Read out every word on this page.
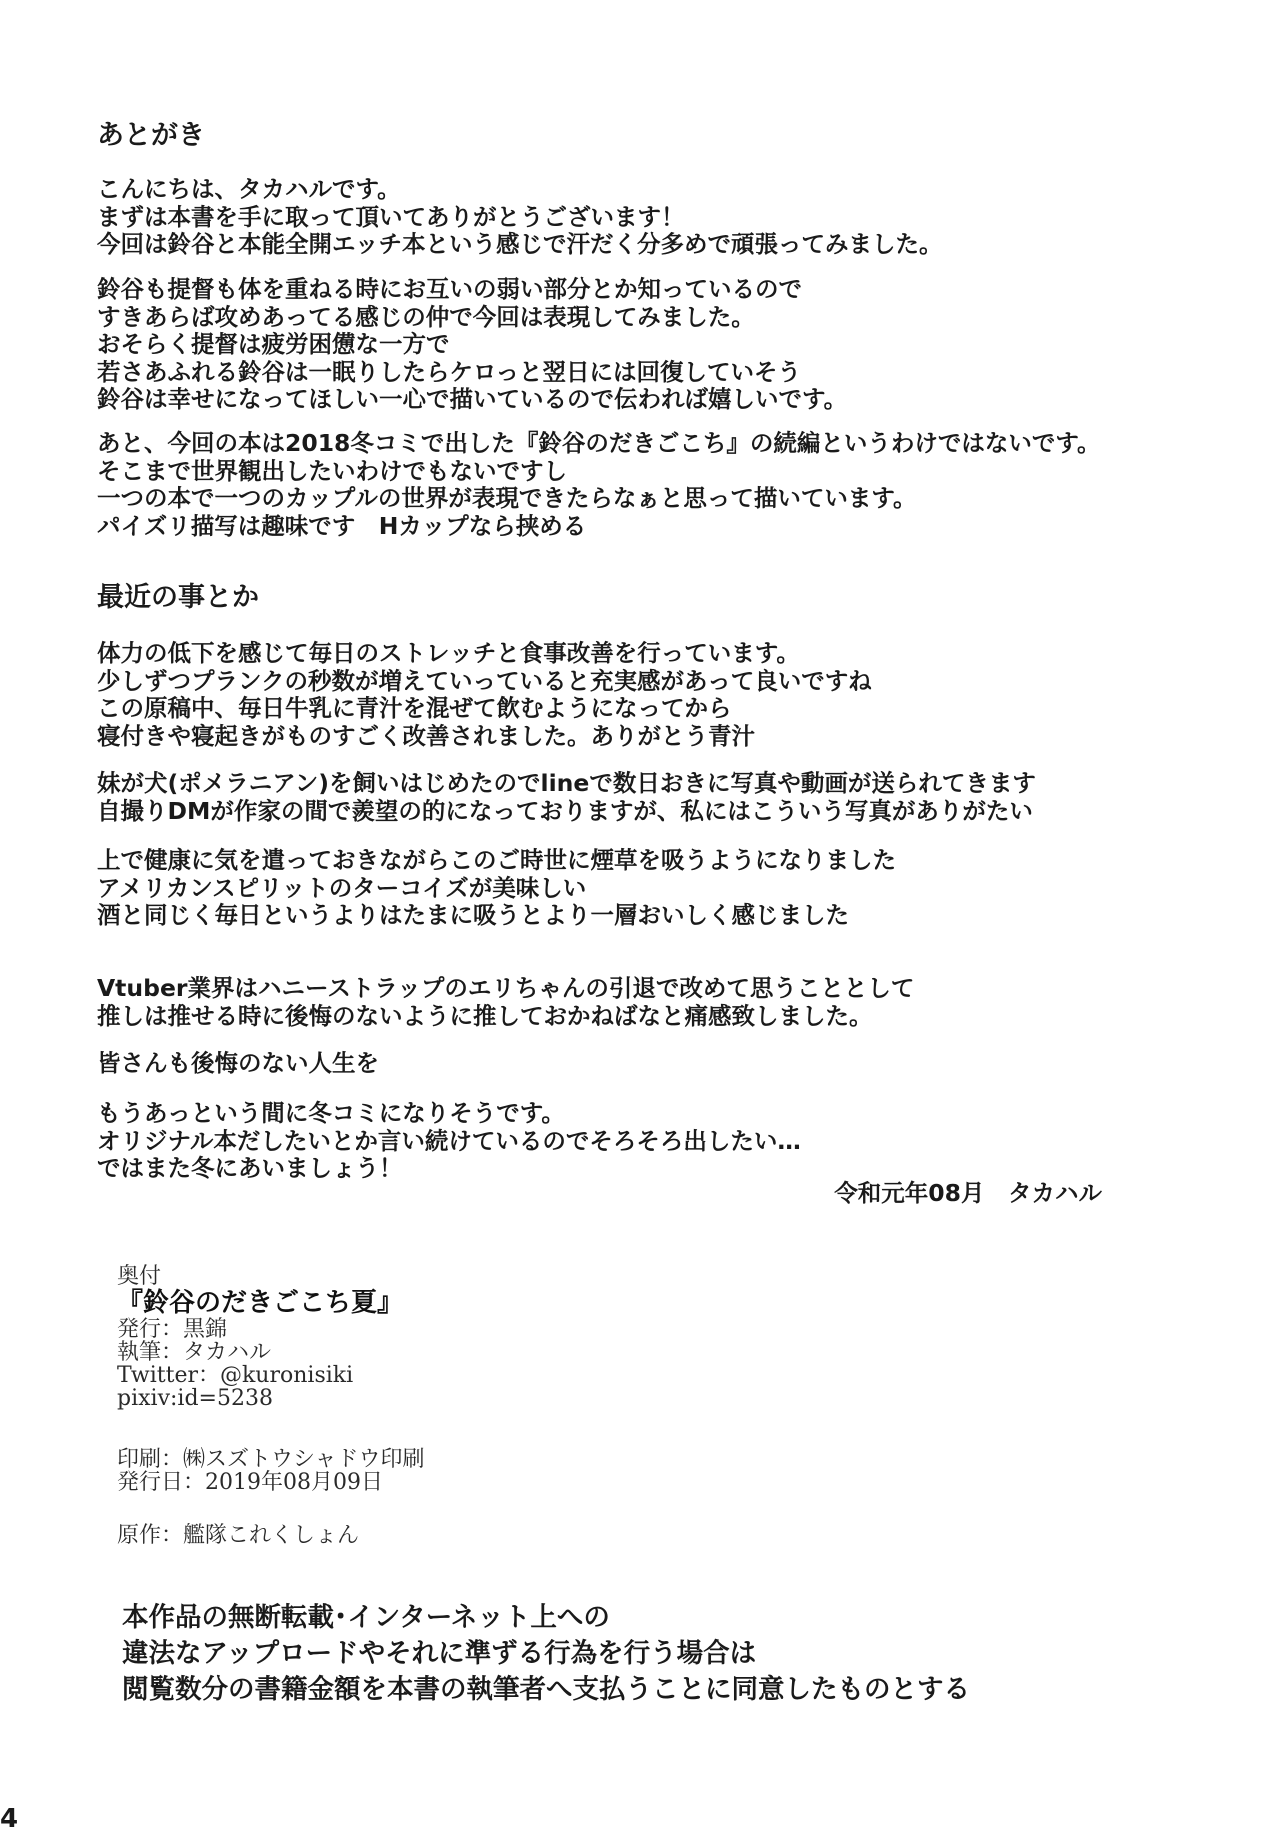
あとがき
こんにちは、タカハルです。
まずは本書を手に取って頂いてありがとうございます！
今回は鈴谷と本能全開エッチ本という感じで汗だく分多めで頑張ってみました。
鈴谷も提督も体を重ねる時にお互いの弱い部分とか知っているので
すきあらば攻めあってる感じの仲で今回は表現してみました。
おそらく提督は疲労困憊な一方で
若さあふれる鈴谷は一眠りしたらケロっと翌日には回復していそう
鈴谷は幸せになってほしい一心で描いているので伝われば嬉しいです。
あと、今回の本は2018冬コミで出した『鈴谷のだきごこち』の続編というわけではないです。
そこまで世界観出したいわけでもないですし
一つの本で一つのカップルの世界が表現できたらなぁと思って描いています。
パイズリ描写は趣味です　Hカップなら挟める
最近の事とか
体力の低下を感じて毎日のストレッチと食事改善を行っています。
少しずつプランクの秒数が増えていっていると充実感があって良いですね
この原稿中、毎日牛乳に青汁を混ぜて飲むようになってから
寝付きや寝起きがものすごく改善されました。ありがとう青汁
妹が犬(ポメラニアン)を飼いはじめたのでlineで数日おきに写真や動画が送られてきます
自撮りDMが作家の間で羨望の的になっておりますが、私にはこういう写真がありがたい
上で健康に気を遣っておきながらこのご時世に煙草を吸うようになりました
アメリカンスピリットのターコイズが美味しい
酒と同じく毎日というよりはたまに吸うとより一層おいしく感じました
Vtuber業界はハニーストラップのエリちゃんの引退で改めて思うこととして
推しは推せる時に後悔のないように推しておかねばなと痛感致しました。
皆さんも後悔のない人生を
もうあっという間に冬コミになりそうです。
オリジナル本だしたいとか言い続けているのでそろそろ出したい…
ではまた冬にあいましょう！
令和元年08月　タカハル
奥付
『鈴谷のだきごこち夏』
発行：黒錦
執筆：タカハル
Twitter：@kuronisiki
pixiv:id=5238
印刷：㈱スズトウシャドウ印刷
発行日：2019年08月09日
原作：艦隊これくしょん
本作品の無断転載･インターネット上への
違法なアップロードやそれに準ずる行為を行う場合は
閲覧数分の書籍金額を本書の執筆者へ支払うことに同意したものとする
4
